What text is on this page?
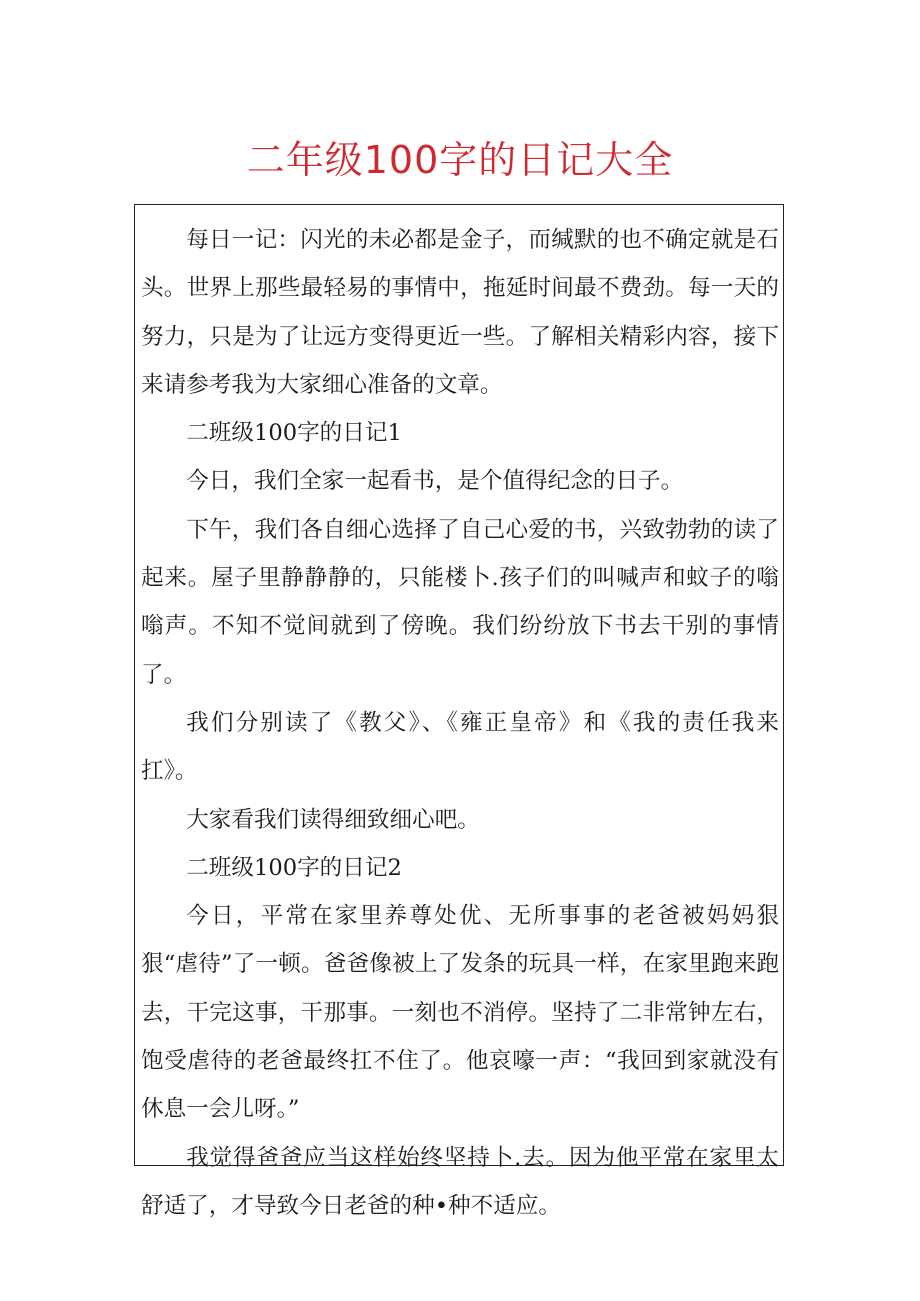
二年级100字的日记大全

每日一记：闪光的未必都是金子，而缄默的也不确定就是石头。世界上那些最轻易的事情中，拖延时间最不费劲。每一天的努力，只是为了让远方变得更近一些。了解相关精彩内容，接下来请参考我为大家细心准备的文章。

二班级100字的日记1

今日，我们全家一起看书，是个值得纪念的日子。

下午，我们各自细心选择了自己心爱的书，兴致勃勃的读了起来。屋子里静静静的，只能楼卜.孩子们的叫喊声和蚊子的嗡嗡声。不知不觉间就到了傍晚。我们纷纷放下书去干别的事情了。

我们分别读了《教父》、《雍正皇帝》和《我的责任我来扛》。

大家看我们读得细致细心吧。

二班级100字的日记2

今日，平常在家里养尊处优、无所事事的老爸被妈妈狠狠“虐待”了一顿。爸爸像被上了发条的玩具一样，在家里跑来跑去，干完这事，干那事。一刻也不消停。坚持了二非常钟左右，饱受虐待的老爸最终扛不住了。他哀嚎一声：“我回到家就没有休息一会儿呀。”

我觉得爸爸应当这样始终坚持卜.去。因为他平常在家里太舒适了，才导致今日老爸的种•种不适应。
